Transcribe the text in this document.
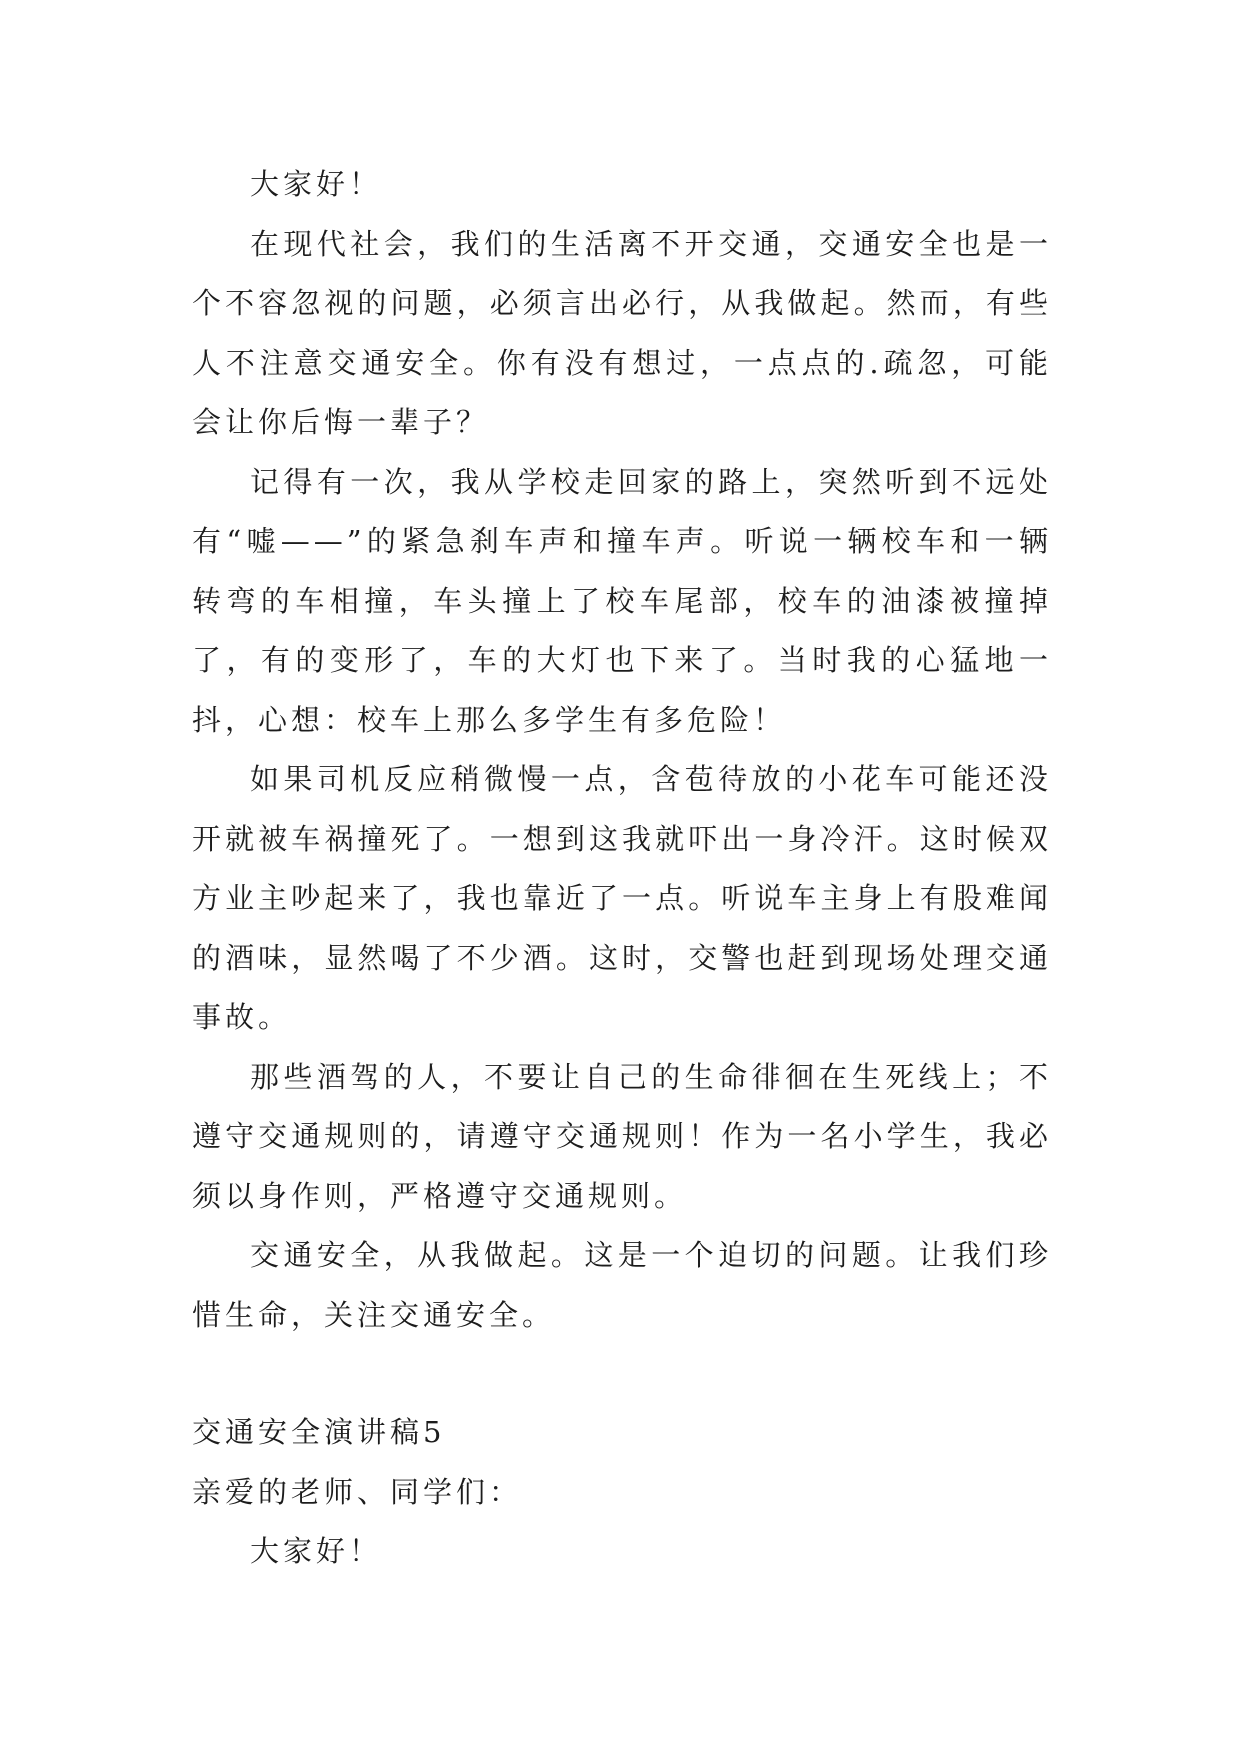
大家好！

在现代社会，我们的生活离不开交通，交通安全也是一个不容忽视的问题，必须言出必行，从我做起。然而，有些人不注意交通安全。你有没有想过，一点点的.疏忽，可能会让你后悔一辈子？

记得有一次，我从学校走回家的路上，突然听到不远处有“嘘——”的紧急刹车声和撞车声。听说一辆校车和一辆转弯的车相撞，车头撞上了校车尾部，校车的油漆被撞掉了，有的变形了，车的大灯也下来了。当时我的心猛地一抖，心想：校车上那么多学生有多危险！

如果司机反应稍微慢一点，含苞待放的小花车可能还没开就被车祸撞死了。一想到这我就吓出一身冷汗。这时候双方业主吵起来了，我也靠近了一点。听说车主身上有股难闻的酒味，显然喝了不少酒。这时，交警也赶到现场处理交通事故。

那些酒驾的人，不要让自己的生命徘徊在生死线上；不遵守交通规则的，请遵守交通规则！作为一名小学生，我必须以身作则，严格遵守交通规则。

交通安全，从我做起。这是一个迫切的问题。让我们珍惜生命，关注交通安全。

交通安全演讲稿5

亲爱的老师、同学们：

大家好！
